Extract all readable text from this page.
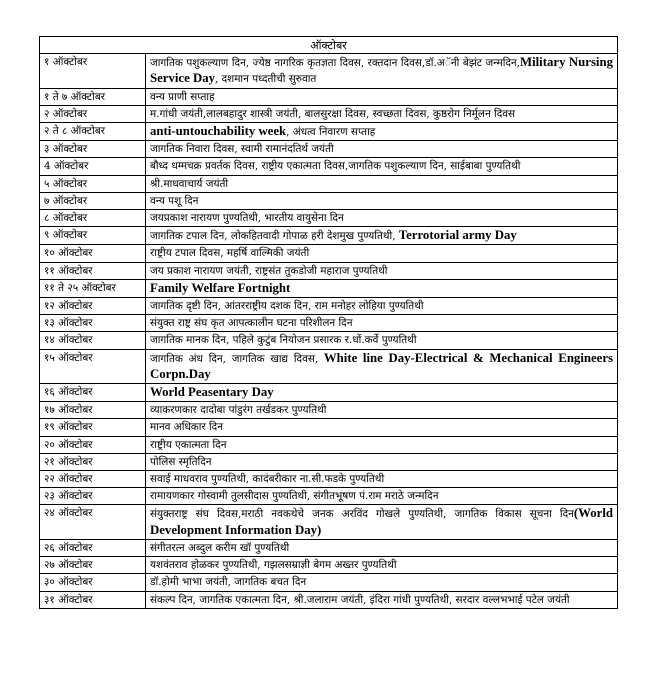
ऑक्टोबर	
१ ऑक्टोबर	जागतिक पशुकल्याण दिन, ज्येष्ठ नागरिक कृतज्ञता दिवस, रक्तदान दिवस,डॉ.अॅनी बेझंट जन्मदिन,Military Nursing Service Day, दशमान पध्दतीची सुरुवात
१ ते ७ ऑक्टोबर	वन्य प्राणी सप्ताह
२ ऑक्टोबर	म.गांधी जयंती,लालबहादुर शास्त्री जयंती, बालसुरक्षा दिवस, स्वच्छता दिवस, कुष्ठरोग निर्मूलन दिवस
२ ते ८ ऑक्टोबर	anti-untouchability week, अंधत्व निवारण सप्ताह
३ ऑक्टोबर	जागतिक निवारा दिवस, स्वामी रामानंदतिर्थ जयंती
4 ऑक्टोबर	बौध्द धम्मचक्र प्रवर्तक दिवस, राष्ट्रीय एकात्मता दिवस,जागतिक पशुकल्याण दिन, साईबाबा पुण्यतिथी
५ ऑक्टोबर	श्री.माधवाचार्य जयंती
७ ऑक्टोबर	वन्य पशू दिन
८ ऑक्टोबर	जयप्रकाश नारायण पुण्यतिथी, भारतीय वायुसेना दिन
९ ऑक्टोबर	जागतिक टपाल दिन, लोकहितवादी गोपाळ हरी देशमुख पुण्यतिथी, Terrotorial army Day
१० ऑक्टोबर	राष्ट्रीय टपाल दिवस, महर्षि वाल्मिकी जयंती
११ ऑक्टोबर	जय प्रकाश नारायण जयंती, राष्ट्रसंत तुकडोजी महाराज पुण्यतिथी
११ ते २५ ऑक्टोबर	Family Welfare Fortnight
१२ ऑक्टोबर	जागतिक दृष्टी दिन, आंतरराष्ट्रीय दशक दिन, राम मनोहर लोहिया पुण्यतिथी
१३ ऑक्टोबर	संयुक्त राष्ट्र संघ कृत आपत्कालीन घटना परिशीलन दिन
१४ ऑक्टोबर	जागतिक मानक दिन, पहिले कुटुंब नियोजन प्रसारक र.धों.कर्वे पुण्यतिथी
१५ ऑक्टोबर	जागतिक अंध दिन, जागतिक खाद्य दिवस, White line Day-Electrical & Mechanical Engineers Corpn.Day
१६ ऑक्टोबर	World Peasentary Day
१७ ऑक्टोबर	व्याकरणकार दादोबा पांडुरंग तर्खडकर पुण्यतिथी
१९ ऑक्टोबर	मानव अधिकार दिन
२० ऑक्टोबर	राष्ट्रीय एकात्मता दिन
२१ ऑक्टोबर	पोलिस स्मृतिदिन
२२ ऑक्टोबर	सवाई माधवराव पुण्यतिथी, कादंबरीकार ना.सी.फडके पुण्यतिथी
२३ ऑक्टोबर	रामायणकार गोस्वामी तुलसीदास पुण्यतिथी, संगीतभूषण पं.राम मराठे जन्मदिन
२४ ऑक्टोबर	संयुक्तराष्ट्र संघ दिवस,मराठी नवकथेचे जनक अरविंद गोखले पुण्यतिथी, जागतिक विकास सूचना दिन(World Development Information Day)
२६ ऑक्टोबर	संगीतरत्न अब्दुल करीम खॉ पुण्यतिथी
२७ ऑक्टोबर	यशवंतराव होळकर पुण्यतिथी, गझलसम्राज्ञी बेगम अख्तर पुण्यतिथी
३० ऑक्टोबर	डॉ.होमी भाभा जयंती, जागतिक बचत दिन
३१ ऑक्टोबर	संकल्प दिन, जागतिक एकात्मता दिन, श्री.जलाराम जयंती, इंदिरा गांधी पुण्यतिथी, सरदार वल्लभभाई पटेल जयंती
